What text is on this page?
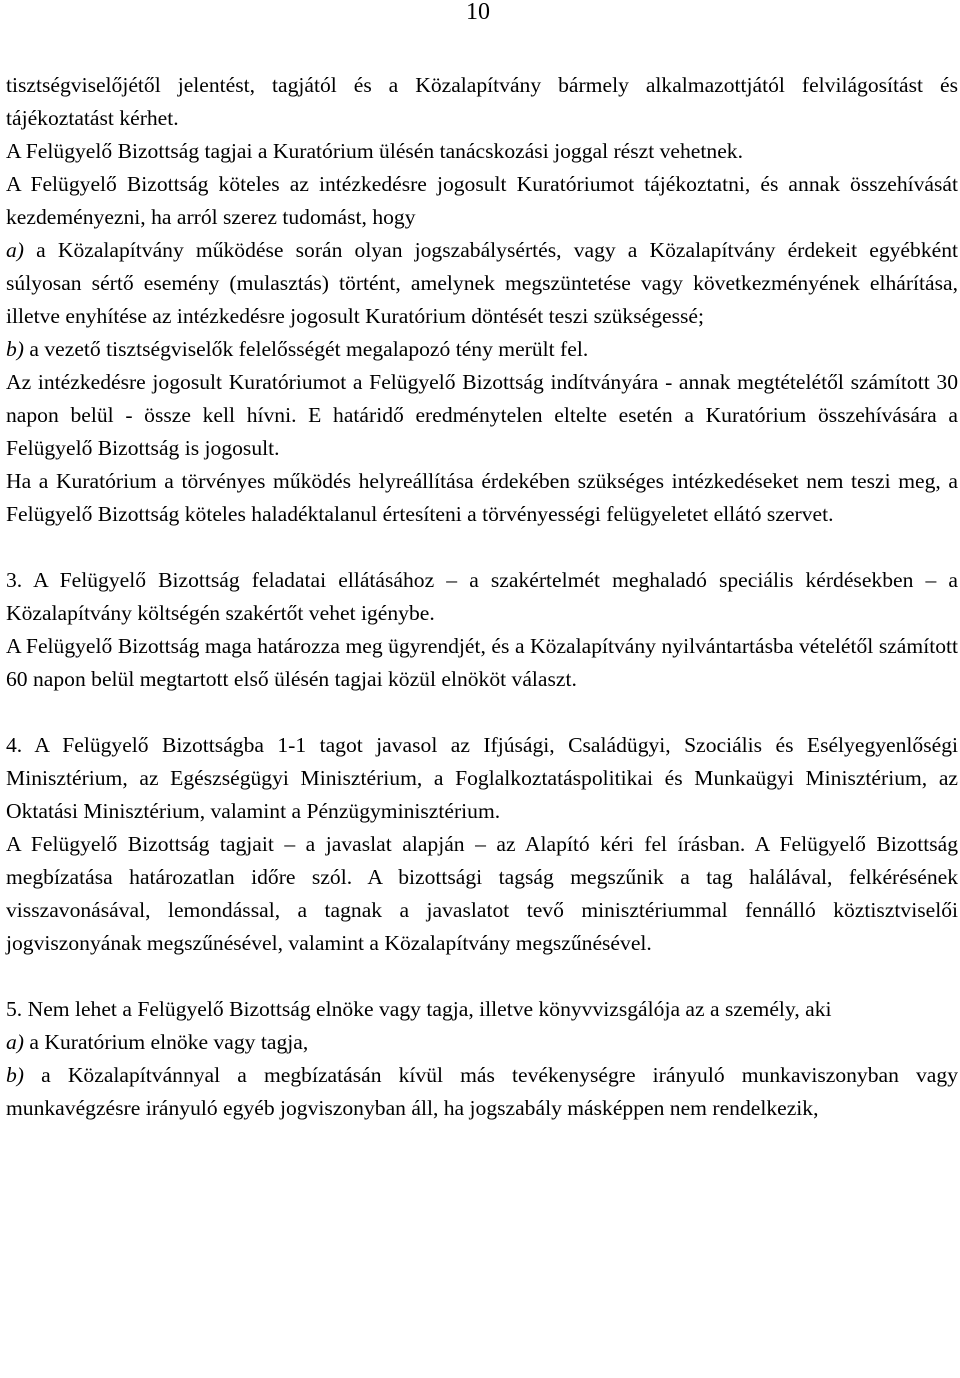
10

tisztségviselőjétől jelentést, tagjától és a Közalapítvány bármely alkalmazottjától felvilágosítást és tájékoztatást kérhet.

A Felügyelő Bizottság tagjai a Kuratórium ülésén tanácskozási joggal részt vehetnek.

A Felügyelő Bizottság köteles az intézkedésre jogosult Kuratóriumot tájékoztatni, és annak összehívását kezdeményezni, ha arról szerez tudomást, hogy

a) a Közalapítvány működése során olyan jogszabálysértés, vagy a Közalapítvány érdekeit egyébként súlyosan sértő esemény (mulasztás) történt, amelynek megszüntetése vagy következményének elhárítása, illetve enyhítése az intézkedésre jogosult Kuratórium döntését teszi szükségessé;

b) a vezető tisztségviselők felelősségét megalapozó tény merült fel.

Az intézkedésre jogosult Kuratóriumot a Felügyelő Bizottság indítványára - annak megtételétől számított 30 napon belül - össze kell hívni. E határidő eredménytelen eltelte esetén a Kuratórium összehívására a Felügyelő Bizottság is jogosult.

Ha a Kuratórium a törvényes működés helyreállítása érdekében szükséges intézkedéseket nem teszi meg, a Felügyelő Bizottság köteles haladéktalanul értesíteni a törvényességi felügyeletet ellátó szervet.

3. A Felügyelő Bizottság feladatai ellátásához – a szakértelmét meghaladó speciális kérdésekben – a Közalapítvány költségén szakértőt vehet igénybe.

A Felügyelő Bizottság maga határozza meg ügyrendjét, és a Közalapítvány nyilvántartásba vételétől számított 60 napon belül megtartott első ülésén tagjai közül elnököt választ.

4. A Felügyelő Bizottságba 1-1 tagot javasol az Ifjúsági, Családügyi, Szociális és Esélyegyenlőségi Minisztérium, az Egészségügyi Minisztérium, a Foglalkoztatáspolitikai és Munkaügyi Minisztérium, az Oktatási Minisztérium, valamint a Pénzügyminisztérium.

A Felügyelő Bizottság tagjait – a javaslat alapján – az Alapító kéri fel írásban. A Felügyelő Bizottság megbízatása határozatlan időre szól. A bizottsági tagság megszűnik a tag halálával, felkérésének visszavonásával, lemondással, a tagnak a javaslatot tevő minisztériummal fennálló köztisztviselői jogviszonyának megszűnésével, valamint a Közalapítvány megszűnésével.

5. Nem lehet a Felügyelő Bizottság elnöke vagy tagja, illetve könyvvizsgálója az a személy, aki

a) a Kuratórium elnöke vagy tagja,

b) a Közalapítvánnyal a megbízatásán kívül más tevékenységre irányuló munkaviszonyban vagy munkavégzésre irányuló egyéb jogviszonyban áll, ha jogszabály másképpen nem rendelkezik,
